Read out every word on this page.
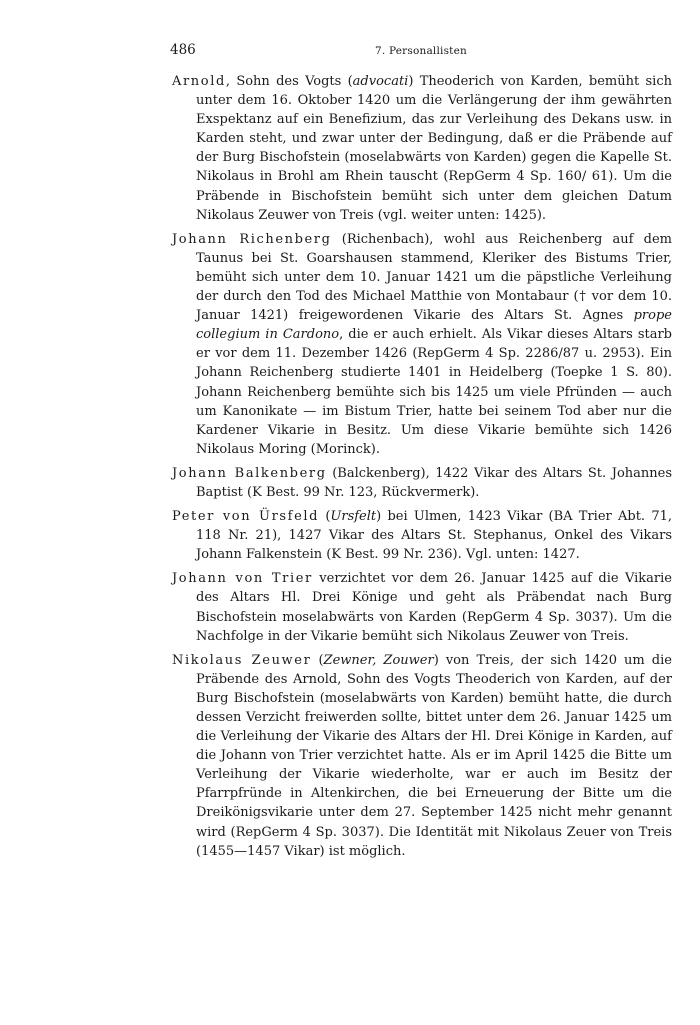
486	7. Personallisten

Arnold, Sohn des Vogts (advocati) Theoderich von Karden, bemüht sich unter dem 16. Oktober 1420 um die Verlängerung der ihm gewährten Exspektanz auf ein Benefizium, das zur Verleihung des Dekans usw. in Karden steht, und zwar unter der Bedingung, daß er die Präbende auf der Burg Bischofstein (moselabwärts von Karden) gegen die Kapelle St. Nikolaus in Brohl am Rhein tauscht (RepGerm 4 Sp. 160/ 61). Um die Präbende in Bischofstein bemüht sich unter dem gleichen Datum Nikolaus Zeuwer von Treis (vgl. weiter unten: 1425).

Johann Richenberg (Richenbach), wohl aus Reichenberg auf dem Taunus bei St. Goarshausen stammend, Kleriker des Bistums Trier, bemüht sich unter dem 10. Januar 1421 um die päpstliche Verleihung der durch den Tod des Michael Matthie von Montabaur († vor dem 10. Januar 1421) freigewordenen Vikarie des Altars St. Agnes prope collegium in Cardono, die er auch erhielt. Als Vikar dieses Altars starb er vor dem 11. Dezember 1426 (RepGerm 4 Sp. 2286/87 u. 2953). Ein Johann Reichenberg studierte 1401 in Heidelberg (Toepke 1 S. 80). Johann Reichenberg bemühte sich bis 1425 um viele Pfründen — auch um Kanonikate — im Bistum Trier, hatte bei seinem Tod aber nur die Kardener Vikarie in Besitz. Um diese Vikarie bemühte sich 1426 Nikolaus Moring (Morinck).

Johann Balkenberg (Balckenberg), 1422 Vikar des Altars St. Johannes Baptist (K Best. 99 Nr. 123, Rückvermerk).

Peter von Ürsfeld (Ursfelt) bei Ulmen, 1423 Vikar (BA Trier Abt. 71, 118 Nr. 21), 1427 Vikar des Altars St. Stephanus, Onkel des Vikars Johann Falkenstein (K Best. 99 Nr. 236). Vgl. unten: 1427.

Johann von Trier verzichtet vor dem 26. Januar 1425 auf die Vikarie des Altars Hl. Drei Könige und geht als Präbendat nach Burg Bischofstein moselabwärts von Karden (RepGerm 4 Sp. 3037). Um die Nachfolge in der Vikarie bemüht sich Nikolaus Zeuwer von Treis.

Nikolaus Zeuwer (Zewner, Zouwer) von Treis, der sich 1420 um die Präbende des Arnold, Sohn des Vogts Theoderich von Karden, auf der Burg Bischofstein (moselabwärts von Karden) bemüht hatte, die durch dessen Verzicht freiwerden sollte, bittet unter dem 26. Januar 1425 um die Verleihung der Vikarie des Altars der Hl. Drei Könige in Karden, auf die Johann von Trier verzichtet hatte. Als er im April 1425 die Bitte um Verleihung der Vikarie wiederholte, war er auch im Besitz der Pfarrpfründe in Altenkirchen, die bei Erneuerung der Bitte um die Dreikönigsvikarie unter dem 27. September 1425 nicht mehr genannt wird (RepGerm 4 Sp. 3037). Die Identität mit Nikolaus Zeuer von Treis (1455—1457 Vikar) ist möglich.
